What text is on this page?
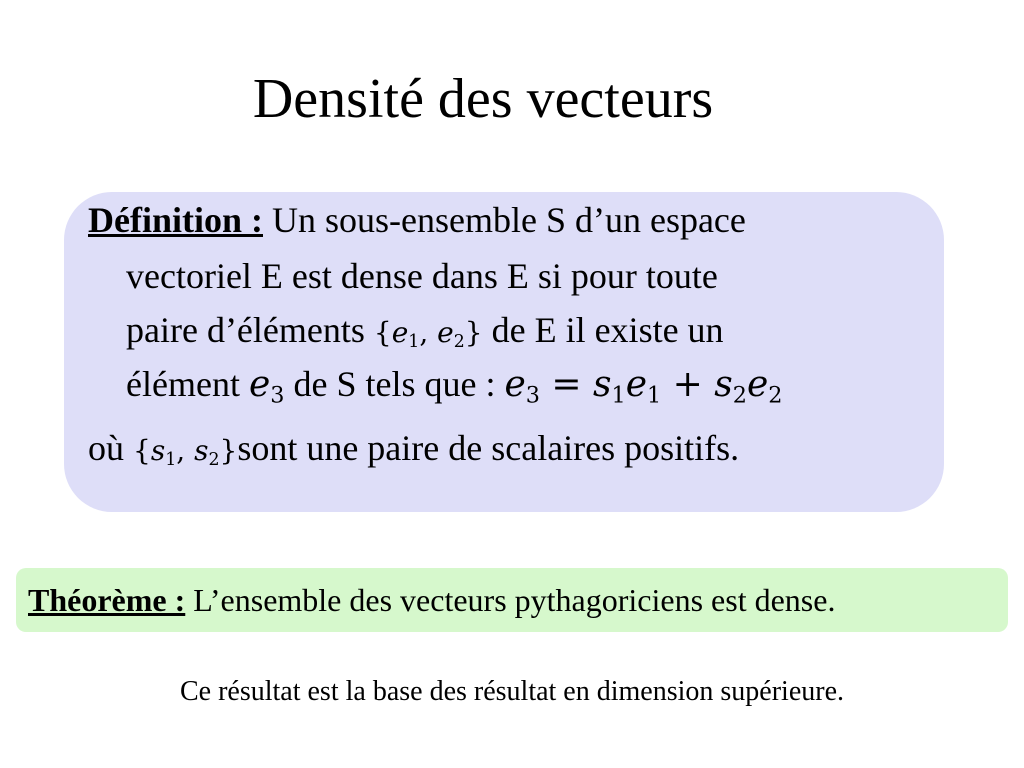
Densité des vecteurs
Définition : Un sous-ensemble S d’un espace
vectoriel E est dense dans E si pour toute
paire d’éléments {$e_1$, $e_2$} de E il existe un
élément $e_3$ de S tels que : $e_3 = s_1e_1 + s_2e_2$
où {$s_1$, $s_2\}sont$ une paire de scalaires positifs.
Théorème : L’ensemble des vecteurs pythagoriciens est dense.
Ce résultat est la base des résultat en dimension supérieure.
